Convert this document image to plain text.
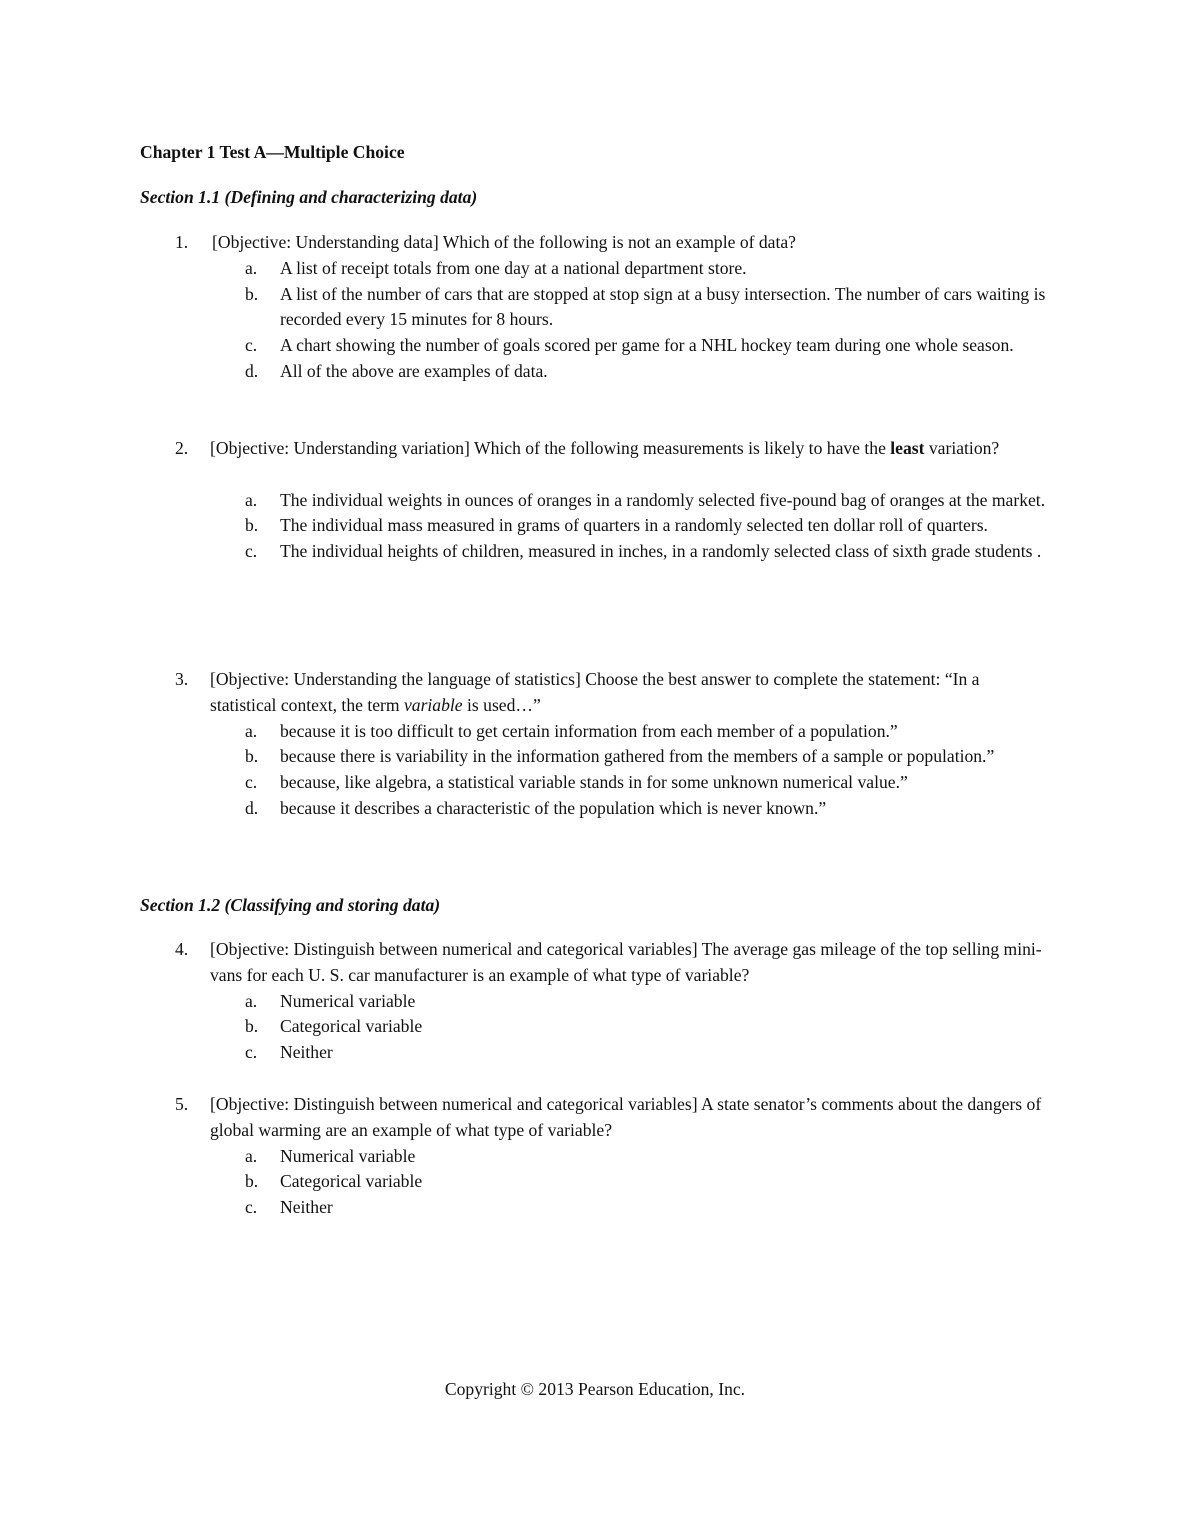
Chapter 1 Test A—Multiple Choice
Section 1.1 (Defining and characterizing data)
1. [Objective: Understanding data] Which of the following is not an example of data?
a. A list of receipt totals from one day at a national department store.
b. A list of the number of cars that are stopped at stop sign at a busy intersection. The number of cars waiting is recorded every 15 minutes for 8 hours.
c. A chart showing the number of goals scored per game for a NHL hockey team during one whole season.
d. All of the above are examples of data.
2. [Objective: Understanding variation] Which of the following measurements is likely to have the least variation?
a. The individual weights in ounces of oranges in a randomly selected five-pound bag of oranges at the market.
b. The individual mass measured in grams of quarters in a randomly selected ten dollar roll of quarters.
c. The individual heights of children, measured in inches, in a randomly selected class of sixth grade students .
3. [Objective: Understanding the language of statistics] Choose the best answer to complete the statement: “In a statistical context, the term variable is used…”
a. because it is too difficult to get certain information from each member of a population.”
b. because there is variability in the information gathered from the members of a sample or population.”
c. because, like algebra, a statistical variable stands in for some unknown numerical value.”
d. because it describes a characteristic of the population which is never known.”
Section 1.2 (Classifying and storing data)
4. [Objective: Distinguish between numerical and categorical variables] The average gas mileage of the top selling mini-vans for each U. S. car manufacturer is an example of what type of variable?
a. Numerical variable
b. Categorical variable
c. Neither
5. [Objective: Distinguish between numerical and categorical variables] A state senator’s comments about the dangers of global warming are an example of what type of variable?
a. Numerical variable
b. Categorical variable
c. Neither
Copyright © 2013 Pearson Education, Inc.
